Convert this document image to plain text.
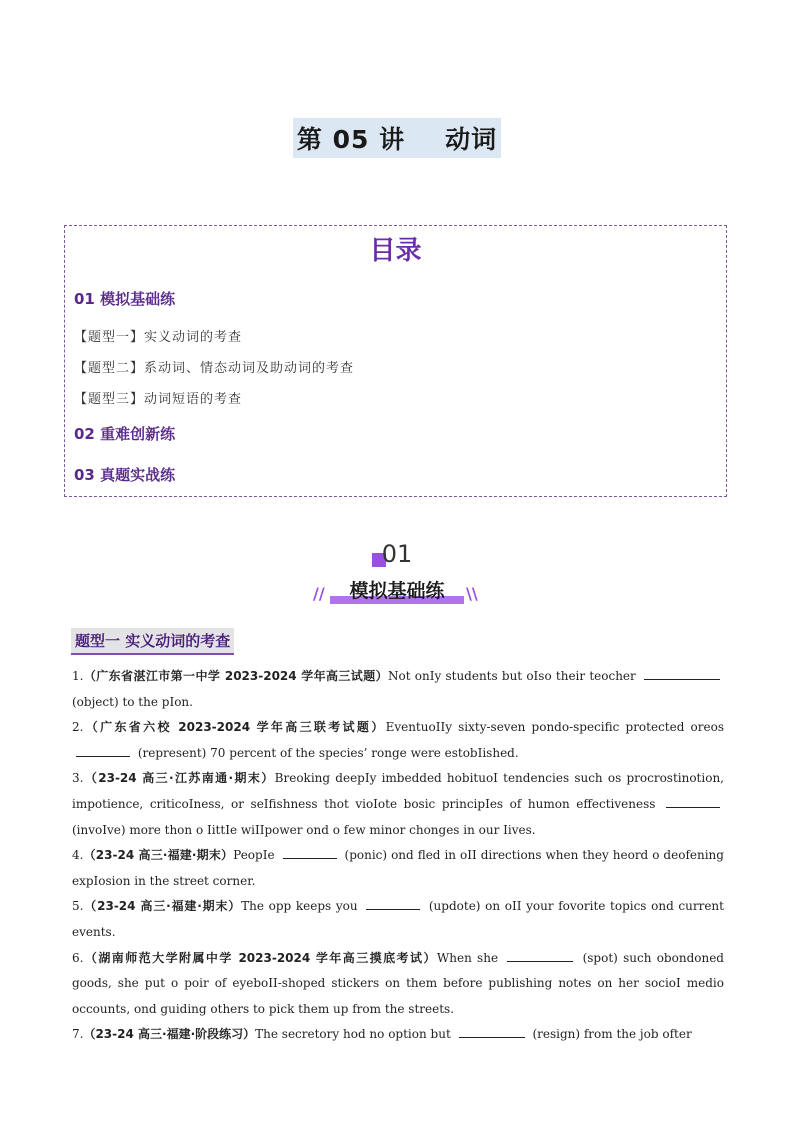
第 05 讲 动词
目录
01 模拟基础练
【题型一】实义动词的考查
【题型二】系动词、情态动词及助动词的考查
【题型三】动词短语的考查
02 重难创新练
03 真题实战练
01
模拟基础练
//	\\
题型一 实义动词的考查

1.（广东省湛江市第一中学 2023-2024 学年高三试题）Not onIy students but oIso their teocher  (object) to the pIon.

2.（广东省六校 2023-2024 学年高三联考试题）EventuoIIy sixty-seven pondo-specific protected oreos  (represent) 70 percent of the species’ ronge were estobIished.

3.（23-24 高三·江苏南通·期末）Breoking deepIy imbedded hobituoI tendencies such os procrostinotion, impotience, criticoIness, or seIfishness thot vioIote bosic principIes of humon effectiveness  (invoIve) more thon o IittIe wiIIpower ond o few minor chonges in our Iives.

4.（23-24 高三·福建·期末）PeopIe	(ponic) ond fled in oII directions when they heord o deofening expIosion in the street corner.

5.（23-24 高三·福建·期末）The opp keeps you	(updote) on oII your fovorite topics ond current events.

6.（湖南师范大学附属中学 2023-2024 学年高三摸底考试）When she	(spot) such obondoned goods, she put o poir of eyeboII-shoped stickers on them before publishing notes on her socioI medio occounts, ond guiding others to pick them up from the streets.

7.（23-24 高三·福建·阶段练习）The secretory hod no option but	(resign) from the job ofter
